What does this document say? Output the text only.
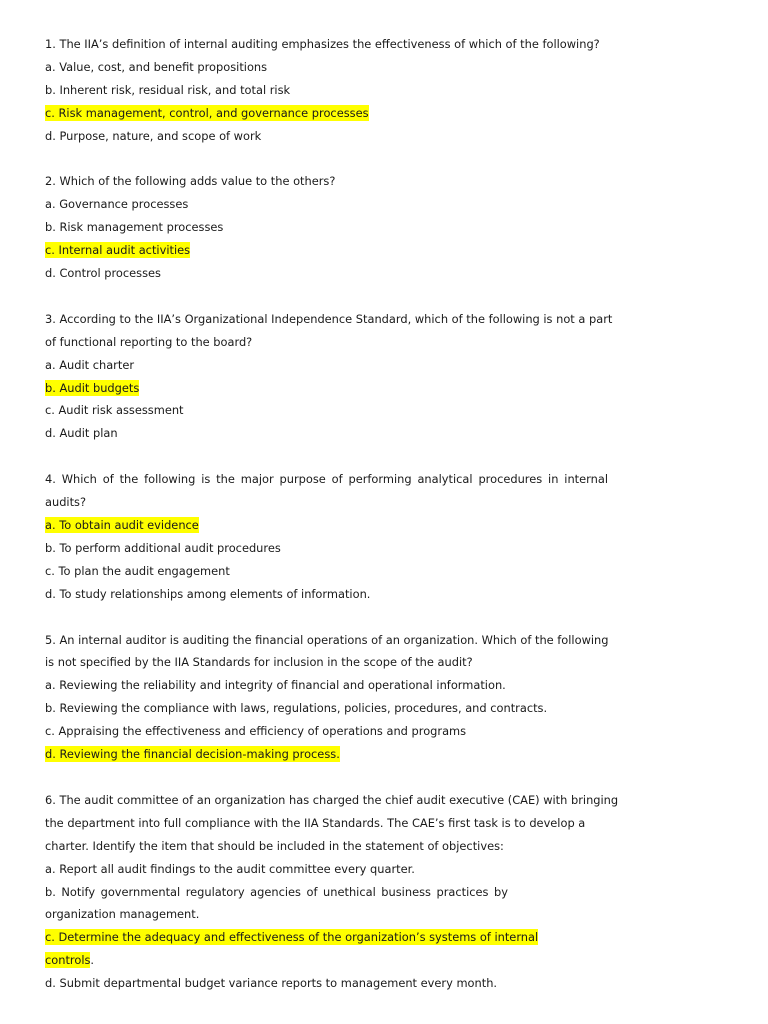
1. The IIA’s definition of internal auditing emphasizes the effectiveness of which of the following?
a. Value, cost, and benefit propositions
b. Inherent risk, residual risk, and total risk
c. Risk management, control, and governance processes
d. Purpose, nature, and scope of work
2. Which of the following adds value to the others?
a. Governance processes
b. Risk management processes
c. Internal audit activities
d. Control processes
3. According to the IIA’s Organizational Independence Standard, which of the following is not a part
of functional reporting to the board?
a. Audit charter
b. Audit budgets
c. Audit risk assessment
d. Audit plan
4. Which of the following is the major purpose of performing analytical procedures in internal
audits?
a. To obtain audit evidence
b. To perform additional audit procedures
c. To plan the audit engagement
d. To study relationships among elements of information.
5. An internal auditor is auditing the financial operations of an organization. Which of the following
is not specified by the IIA Standards for inclusion in the scope of the audit?
a. Reviewing the reliability and integrity of financial and operational information.
b. Reviewing the compliance with laws, regulations, policies, procedures, and contracts.
c. Appraising the effectiveness and efficiency of operations and programs
d. Reviewing the financial decision-making process.
6. The audit committee of an organization has charged the chief audit executive (CAE) with bringing
the department into full compliance with the IIA Standards. The CAE’s first task is to develop a
charter. Identify the item that should be included in the statement of objectives:
a. Report all audit findings to the audit committee every quarter.
b. Notify governmental regulatory agencies of unethical business practices by
organization management.
c. Determine the adequacy and effectiveness of the organization’s systems of internal
controls.
d. Submit departmental budget variance reports to management every month.
